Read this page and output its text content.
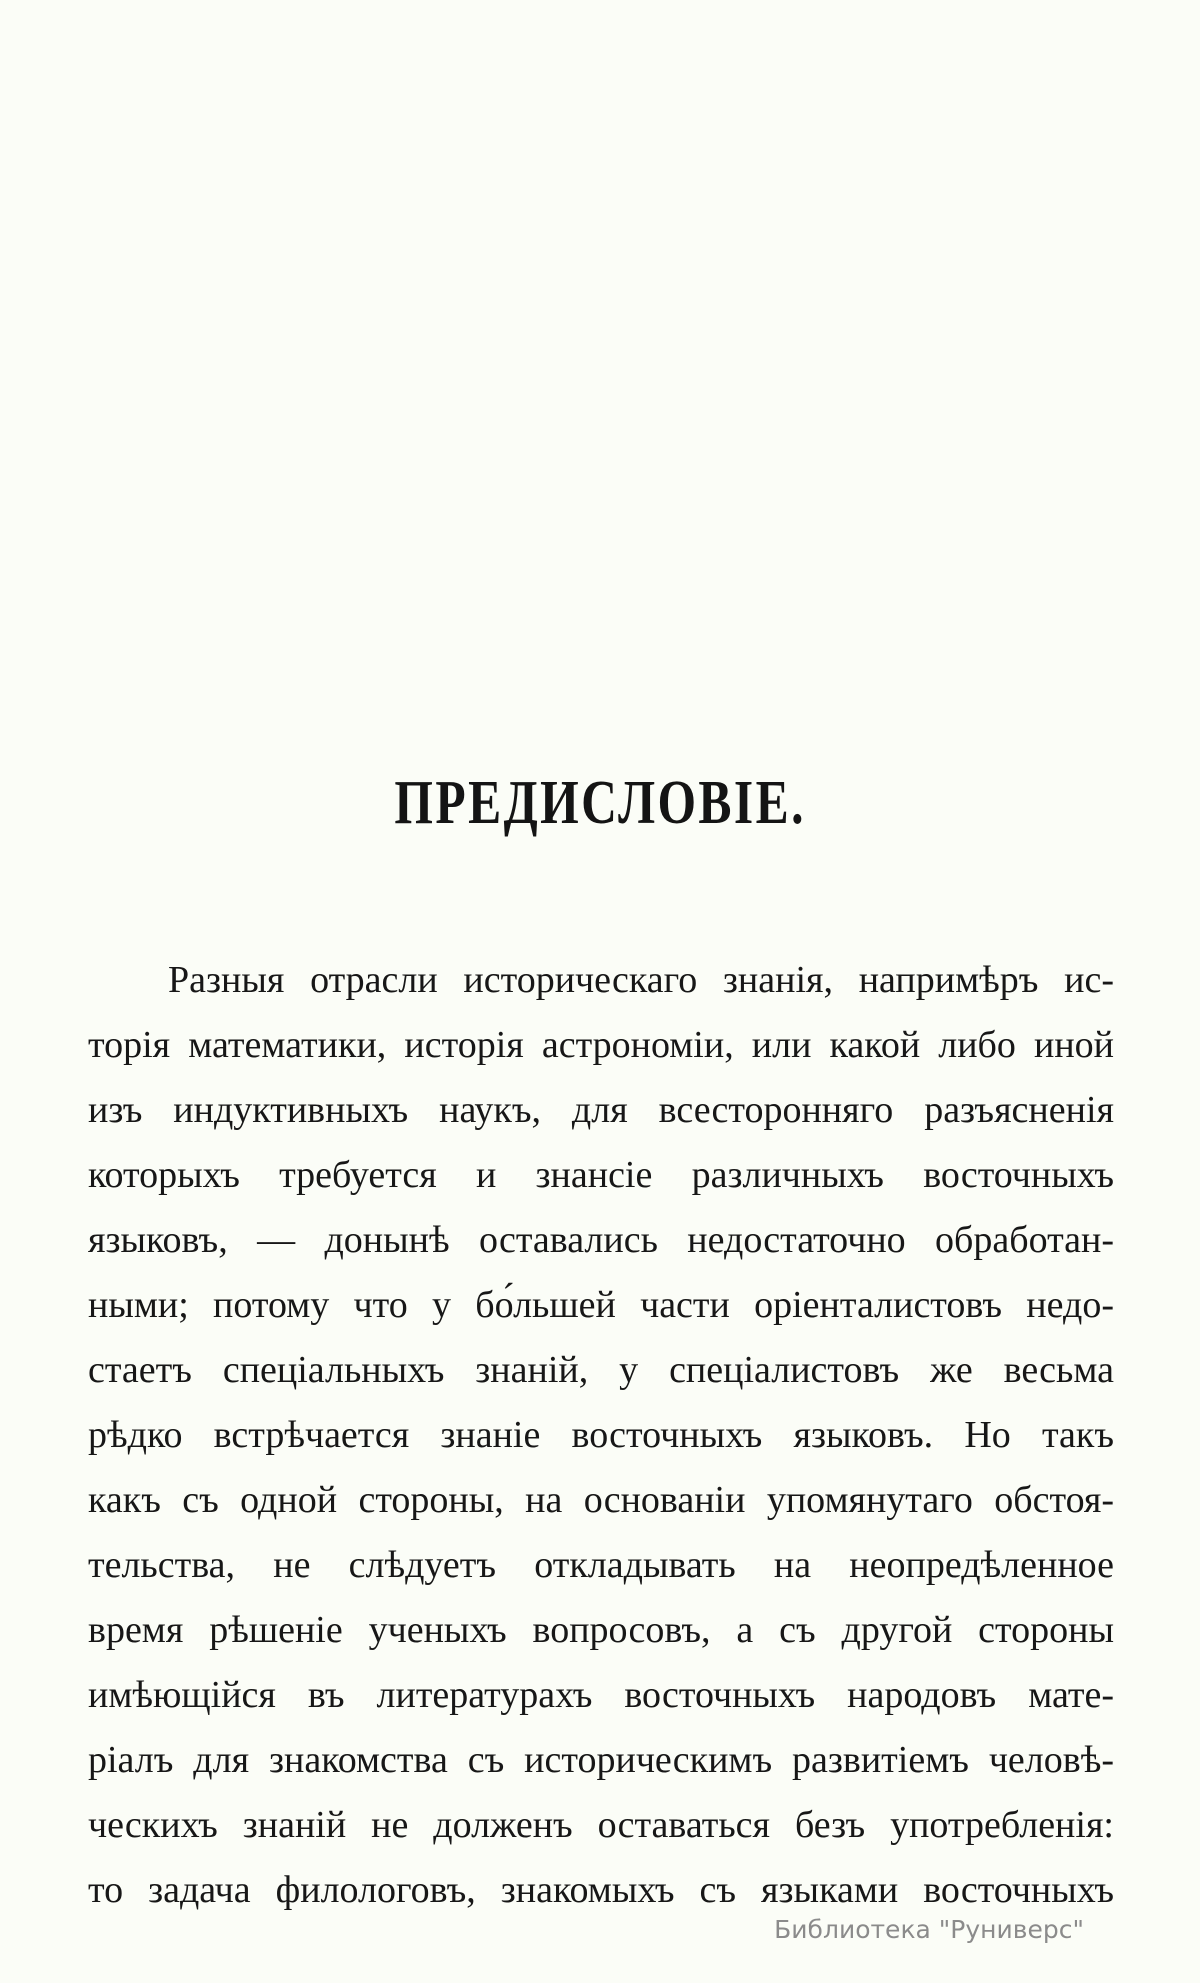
ПРЕДИСЛОВІЕ.
Разныя отрасли историческаго знанія, напримѣръ ис-
торія математики, исторія астрономіи, или какой либо иной
изъ индуктивныхъ наукъ, для всесторонняго разъясненія
которыхъ требуется и знансіе различныхъ восточныхъ
языковъ, — донынѣ оставались недостаточно обработан-
ными; потому что у бо́льшей части оріенталистовъ недо-
стаетъ спеціальныхъ знаній, у спеціалистовъ же весьма
рѣдко встрѣчается знаніе восточныхъ языковъ. Но такъ
какъ съ одной стороны, на основаніи упомянутаго обстоя-
тельства, не слѣдуетъ откладывать на неопредѣленное
время рѣшеніе ученыхъ вопросовъ, а съ другой стороны
имѣющійся въ литературахъ восточныхъ народовъ мате-
ріалъ для знакомства съ историческимъ развитіемъ человѣ-
ческихъ знаній не долженъ оставаться безъ употребленія:
то задача филологовъ, знакомыхъ съ языками восточныхъ
Библиотека "Руниверс"
